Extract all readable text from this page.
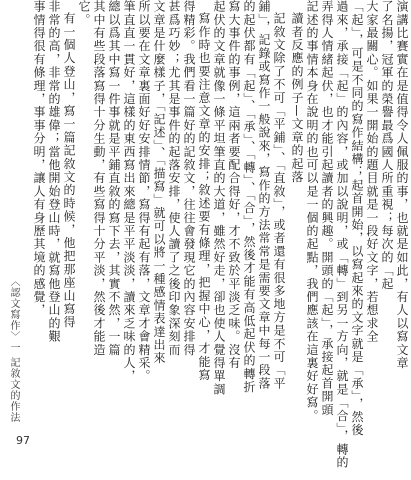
演講比賽實在是值得令人佩服的事，也就是如此，有人以寫文章
了名揚，冠軍的榮譽最爲國人所重視；每次的「起
大家最關心。如果一開始的題目就是一段好文字，若想求全
「起」，可是不同的寫作結構；起首開始，以寫起來的文字就是「承」，然後
過來，承接「起」的內容，或加以說明，或「轉」到另一方向，就是「合」，轉的
弄得人情緒起伏，也才能引起讀者的興趣。開頭的「起」，承接起首開頭
記述的事情本身在說明的也可以是一個的起點，我們應該在這裏好好寫。
讀者反應的例子—文章的起落
記敘文除了不可「平鋪」、「直敘」，或者還有很多地方是不可「平
鋪」，記錄或寫作一般說來，寫作的方法常常是需要文章中每一段落
的起伏都有「起」、「承」、「轉」、「合」，然後才能有高低起伏的轉折
寫大事件的事例，這兩者要配合得好，才不致於平淡乏味。沒有
起伏的文章就像一條平坦筆直的大道，雖然好走，卻也使人覺得單調
寫作時也要注意文章的安排；敘述要有條理，把握中心，才能寫
得精彩。我們看一篇好的記敘文，往往會發現它的內容安排得
甚爲巧妙；尤其是事件的起落安排，使人讀了之後印象深刻而
文章是什麼樣子，「記述」、「描寫」就可以將一種感情表達出來
所以要在文章裏面好好安排情節，寫得有起有落，文章才會精采。
筆直直一貫好，這樣的東西寫出來總是平平淡淡，讀來乏味的人，
總以爲其中寫一件事就是平鋪直敘的寫下去，其實不然，一篇
其中有些段落寫得十分生動，有些寫得十分平淡，然後才能造
它。
有一個人登山，寫一篇記敘文的時候，他把那座山寫得
非常的高，非常的雄偉；當他開始登山時，就寫他登山的艱
事情得很有條理，事事分明，讓人有身歷其境的感覺，
〈認文寫作〉一 記敘文的作法
97
